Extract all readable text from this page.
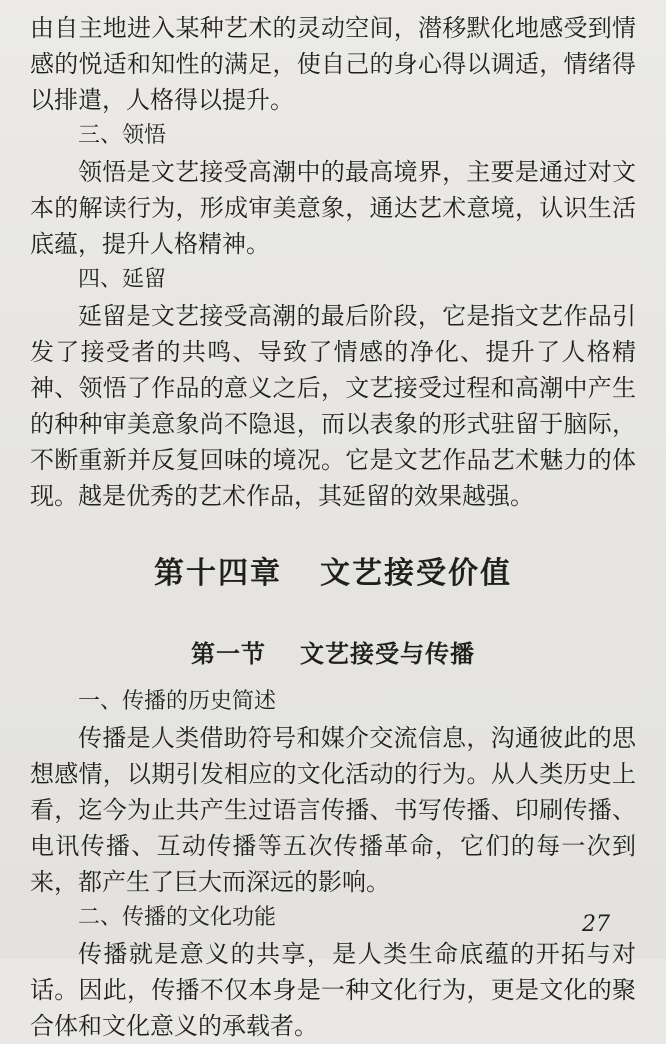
由自主地进入某种艺术的灵动空间，潜移默化地感受到情感的悦适和知性的满足，使自己的身心得以调适，情绪得以排遣，人格得以提升。

三、领悟

领悟是文艺接受高潮中的最高境界，主要是通过对文本的解读行为，形成审美意象，通达艺术意境，认识生活底蕴，提升人格精神。

四、延留

延留是文艺接受高潮的最后阶段，它是指文艺作品引发了接受者的共鸣、导致了情感的净化、提升了人格精神、领悟了作品的意义之后，文艺接受过程和高潮中产生的种种审美意象尚不隐退，而以表象的形式驻留于脑际，不断重新并反复回味的境况。它是文艺作品艺术魅力的体现。越是优秀的艺术作品，其延留的效果越强。

第十四章 文艺接受价值
第一节 文艺接受与传播

一、传播的历史简述

传播是人类借助符号和媒介交流信息，沟通彼此的思想感情，以期引发相应的文化活动的行为。从人类历史上看，迄今为止共产生过语言传播、书写传播、印刷传播、电讯传播、互动传播等五次传播革命，它们的每一次到来，都产生了巨大而深远的影响。

二、传播的文化功能

传播就是意义的共享，是人类生命底蕴的开拓与对话。因此，传播不仅本身是一种文化行为，更是文化的聚合体和文化意义的承载者。

27
